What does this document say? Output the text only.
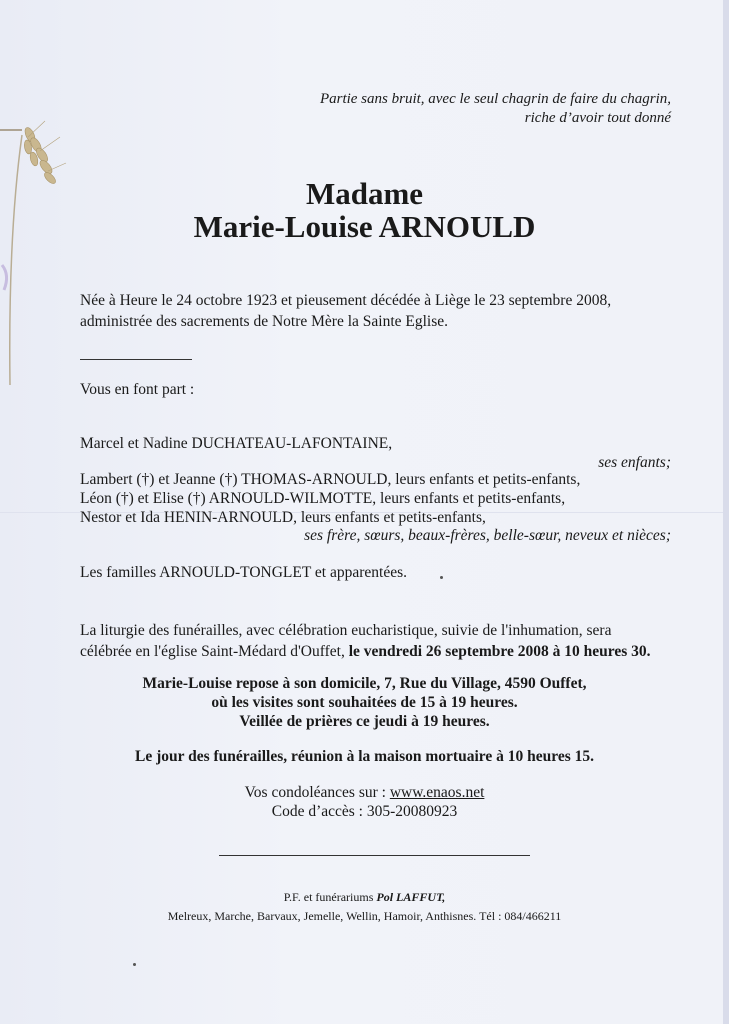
Partie sans bruit, avec le seul chagrin de faire du chagrin,
riche d’avoir tout donné
Madame
Marie-Louise ARNOULD
Née à Heure le 24 octobre 1923 et pieusement décédée à Liège le 23 septembre 2008,
administrée des sacrements de Notre Mère la Sainte Eglise.
Vous en font part :
Marcel et Nadine DUCHATEAU-LAFONTAINE,
ses enfants;
Lambert (†) et Jeanne (†) THOMAS-ARNOULD, leurs enfants et petits-enfants,
Léon (†) et Elise (†) ARNOULD-WILMOTTE, leurs enfants et petits-enfants,
Nestor et Ida HENIN-ARNOULD, leurs enfants et petits-enfants,
ses frère, sœurs, beaux-frères, belle-sœur, neveux et nièces;
Les familles ARNOULD-TONGLET et apparentées.
La liturgie des funérailles, avec célébration eucharistique, suivie de l'inhumation, sera
célébrée en l'église Saint-Médard d'Ouffet, le vendredi 26 septembre 2008 à 10 heures 30.
Marie-Louise repose à son domicile, 7, Rue du Village, 4590 Ouffet,
où les visites sont souhaitées de 15 à 19 heures.
Veillée de prières ce jeudi à 19 heures.
Le jour des funérailles, réunion à la maison mortuaire à 10 heures 15.
Vos condoléances sur : www.enaos.net
Code d’accès : 305-20080923
P.F. et funérariums Pol LAFFUT,
Melreux, Marche, Barvaux, Jemelle, Wellin, Hamoir, Anthisnes. Tél : 084/466211
